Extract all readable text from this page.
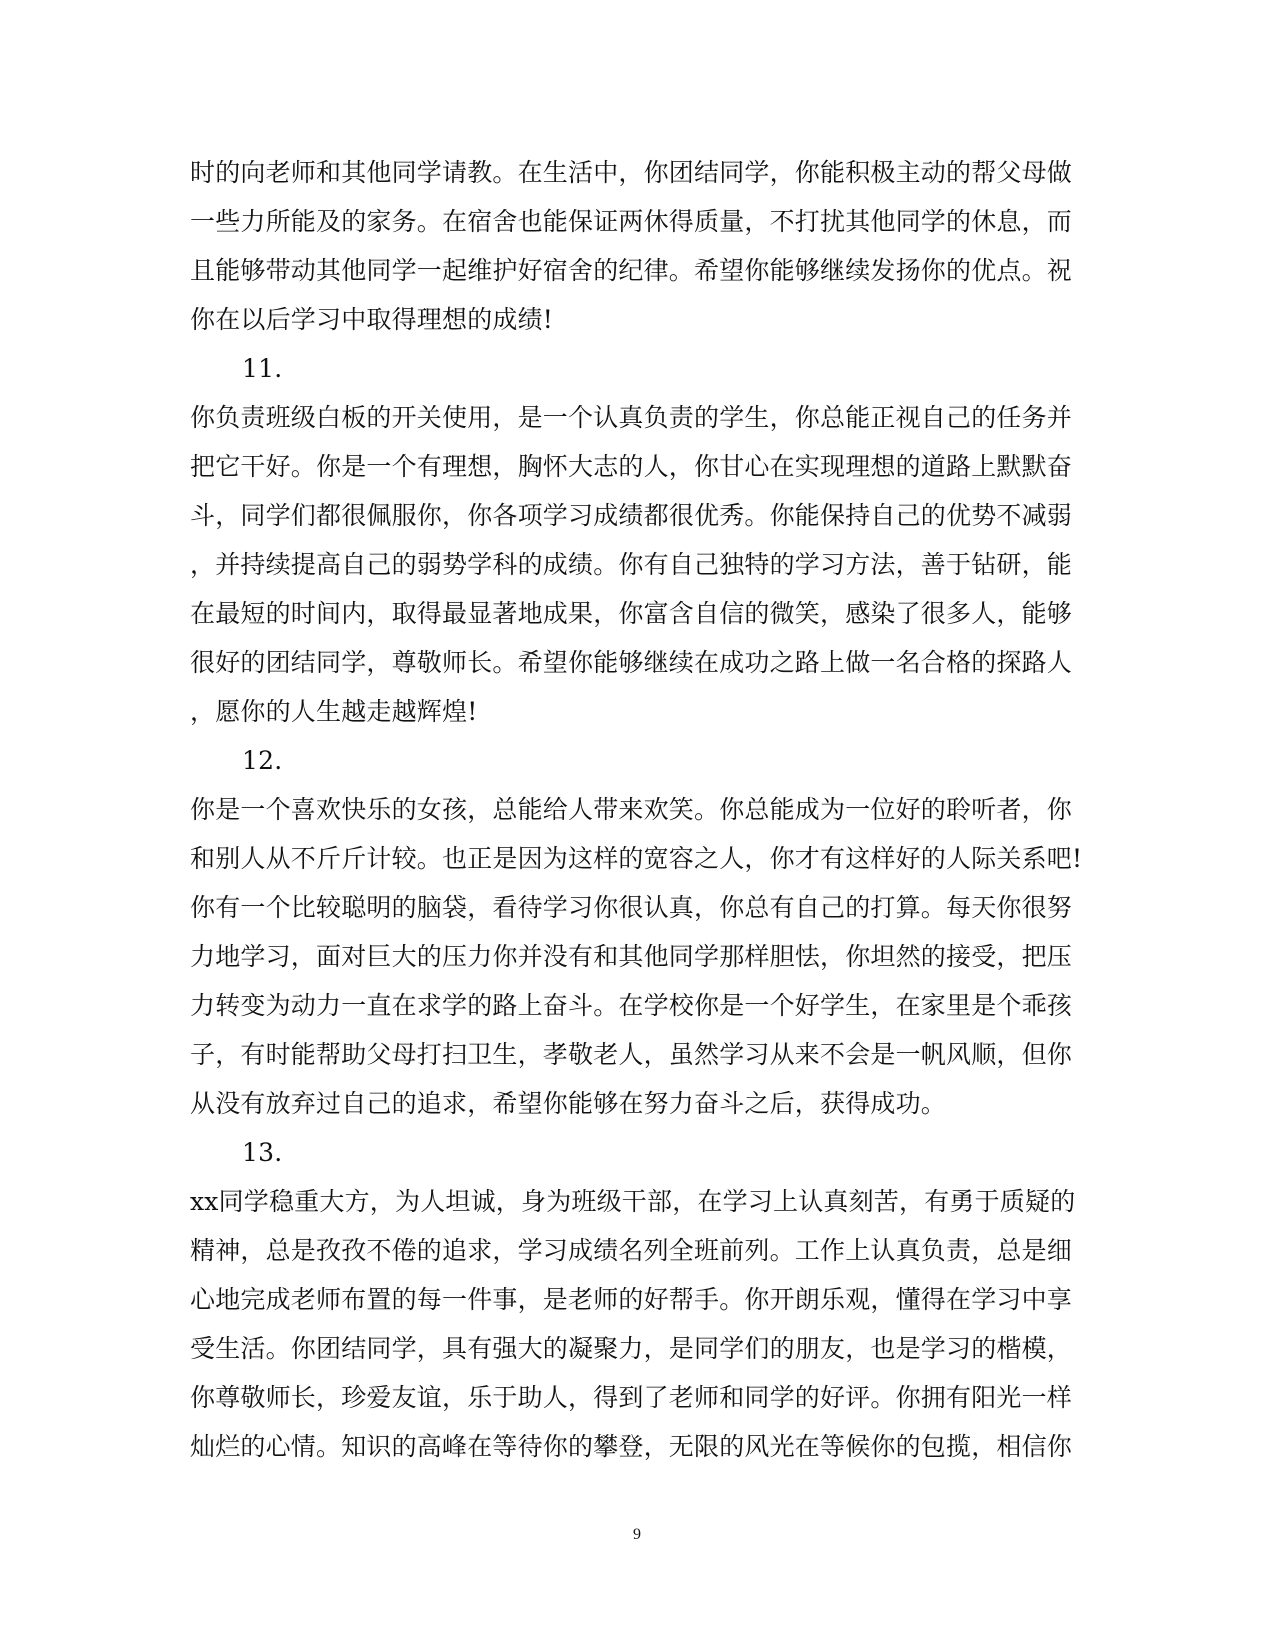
时的向老师和其他同学请教。在生活中，你团结同学，你能积极主动的帮父母做
一些力所能及的家务。在宿舍也能保证两休得质量，不打扰其他同学的休息，而
且能够带动其他同学一起维护好宿舍的纪律。希望你能够继续发扬你的优点。祝
你在以后学习中取得理想的成绩!
11.
你负责班级白板的开关使用，是一个认真负责的学生，你总能正视自己的任务并
把它干好。你是一个有理想，胸怀大志的人，你甘心在实现理想的道路上默默奋
斗，同学们都很佩服你，你各项学习成绩都很优秀。你能保持自己的优势不减弱
，并持续提高自己的弱势学科的成绩。你有自己独特的学习方法，善于钻研，能
在最短的时间内，取得最显著地成果，你富含自信的微笑，感染了很多人，能够
很好的团结同学，尊敬师长。希望你能够继续在成功之路上做一名合格的探路人
，愿你的人生越走越辉煌!
12.
你是一个喜欢快乐的女孩，总能给人带来欢笑。你总能成为一位好的聆听者，你
和别人从不斤斤计较。也正是因为这样的宽容之人，你才有这样好的人际关系吧!
你有一个比较聪明的脑袋，看待学习你很认真，你总有自己的打算。每天你很努
力地学习，面对巨大的压力你并没有和其他同学那样胆怯，你坦然的接受，把压
力转变为动力一直在求学的路上奋斗。在学校你是一个好学生，在家里是个乖孩
子，有时能帮助父母打扫卫生，孝敬老人，虽然学习从来不会是一帆风顺，但你
从没有放弃过自己的追求，希望你能够在努力奋斗之后，获得成功。
13.
xx同学稳重大方，为人坦诚，身为班级干部，在学习上认真刻苦，有勇于质疑的
精神，总是孜孜不倦的追求，学习成绩名列全班前列。工作上认真负责，总是细
心地完成老师布置的每一件事，是老师的好帮手。你开朗乐观，懂得在学习中享
受生活。你团结同学，具有强大的凝聚力，是同学们的朋友，也是学习的楷模，
你尊敬师长，珍爱友谊，乐于助人，得到了老师和同学的好评。你拥有阳光一样
灿烂的心情。知识的高峰在等待你的攀登，无限的风光在等候你的包揽，相信你
9
